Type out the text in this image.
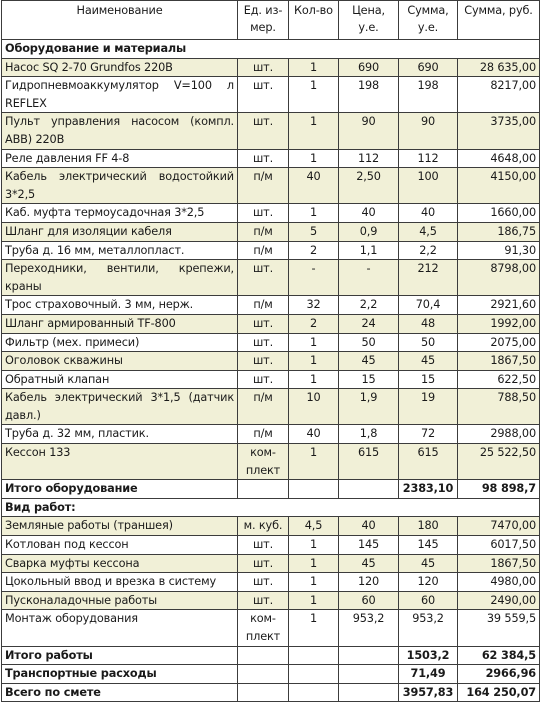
Наименование	Ед. из-мер.	Кол-во	Цена, у.е.	Сумма, у.е.	Сумма, руб.
Оборудование и материалы					
Насос SQ 2-70 Grundfos 220В	шт.	1	690	690	28 635,00
Гидропневмоаккумулятор V=100 л REFLEX	шт.	1	198	198	8217,00
Пульт управления насосом (компл. ABB) 220В	шт.	1	90	90	3735,00
Реле давления FF 4-8	шт.	1	112	112	4648,00
Кабель электрический водостойкий 3*2,5	п/м	40	2,50	100	4150,00
Каб. муфта термоусадочная 3*2,5	шт.	1	40	40	1660,00
Шланг для изоляции кабеля	п/м	5	0,9	4,5	186,75
Труба д. 16 мм, металлопласт.	п/м	2	1,1	2,2	91,30
Переходники, вентили, крепежи, краны	шт.	-	-	212	8798,00
Трос страховочный. 3 мм, нерж.	п/м	32	2,2	70,4	2921,60
Шланг армированный TF-800	шт.	2	24	48	1992,00
Фильтр (мех. примеси)	шт.	1	50	50	2075,00
Оголовок скважины	шт.	1	45	45	1867,50
Обратный клапан	шт.	1	15	15	622,50
Кабель электрический 3*1,5 (датчик давл.)	п/м	10	1,9	19	788,50
Труба д. 32 мм, пластик.	п/м	40	1,8	72	2988,00
Кессон 133	ком-плект	1	615	615	25 522,50
Итого оборудование				2383,10	98 898,7
Вид работ:					
Земляные работы (траншея)	м. куб.	4,5	40	180	7470,00
Котлован под кессон	шт.	1	145	145	6017,50
Сварка муфты кессона	шт.	1	45	45	1867,50
Цокольный ввод и врезка в систему	шт.	1	120	120	4980,00
Пусконаладочные работы	шт.	1	60	60	2490,00
Монтаж оборудования	ком-плект	1	953,2	953,2	39 559,5
Итого работы				1503,2	62 384,5
Транспортные расходы				71,49	2966,96
Всего по смете				3957,83	164 250,07
